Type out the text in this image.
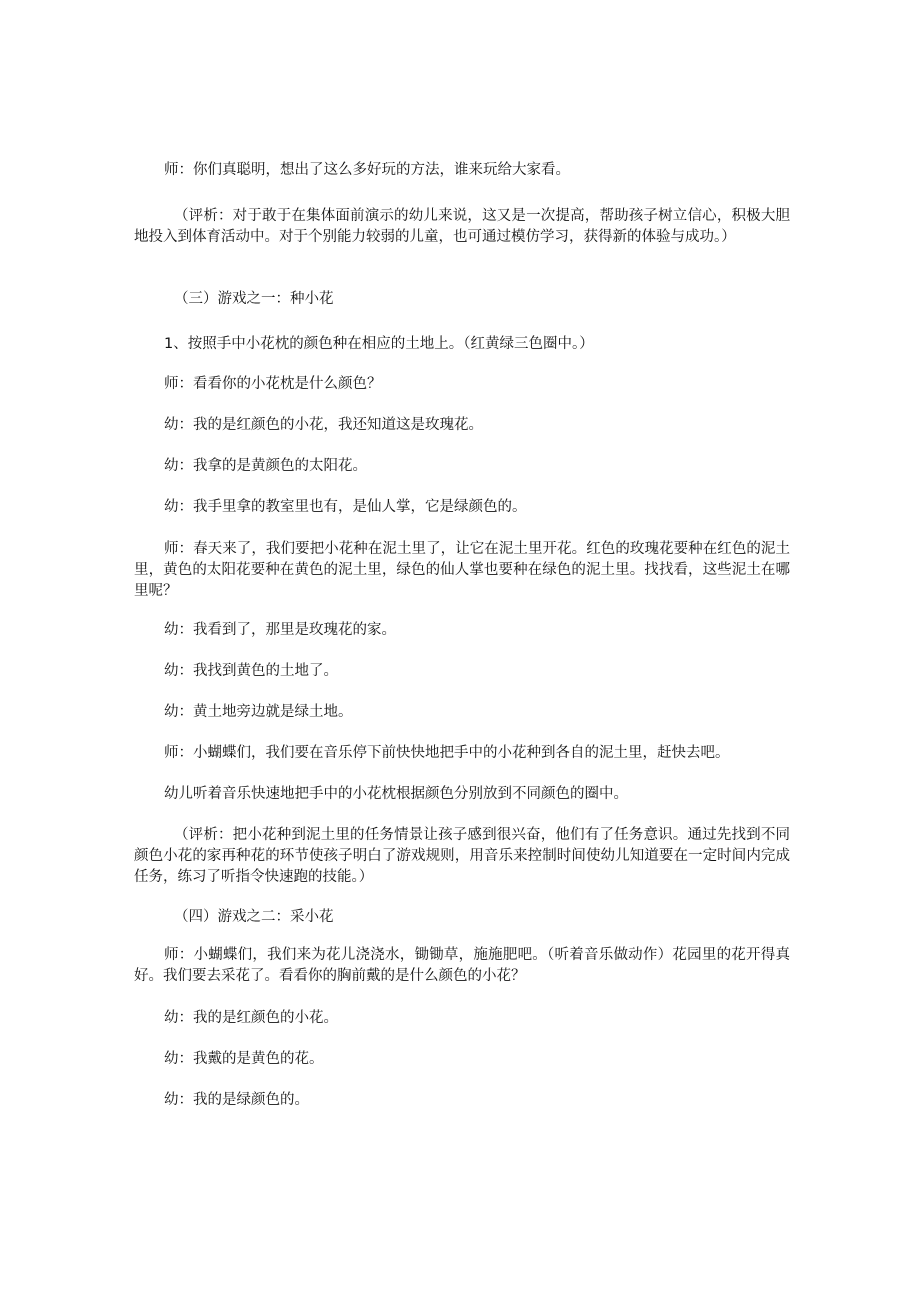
师：你们真聪明，想出了这么多好玩的方法，谁来玩给大家看。

（评析：对于敢于在集体面前演示的幼儿来说，这又是一次提高，帮助孩子树立信心，积极大胆地投入到体育活动中。对于个别能力较弱的儿童，也可通过模仿学习，获得新的体验与成功。）

（三）游戏之一：种小花

1、按照手中小花枕的颜色种在相应的土地上。（红黄绿三色圈中。）

师：看看你的小花枕是什么颜色？

幼：我的是红颜色的小花，我还知道这是玫瑰花。

幼：我拿的是黄颜色的太阳花。

幼：我手里拿的教室里也有，是仙人掌，它是绿颜色的。

师：春天来了，我们要把小花种在泥土里了，让它在泥土里开花。红色的玫瑰花要种在红色的泥土里，黄色的太阳花要种在黄色的泥土里，绿色的仙人掌也要种在绿色的泥土里。找找看，这些泥土在哪里呢？

幼：我看到了，那里是玫瑰花的家。

幼：我找到黄色的土地了。

幼：黄土地旁边就是绿土地。

师：小蝴蝶们，我们要在音乐停下前快快地把手中的小花种到各自的泥土里，赶快去吧。

幼儿听着音乐快速地把手中的小花枕根据颜色分别放到不同颜色的圈中。

（评析：把小花种到泥土里的任务情景让孩子感到很兴奋，他们有了任务意识。通过先找到不同颜色小花的家再种花的环节使孩子明白了游戏规则，用音乐来控制时间使幼儿知道要在一定时间内完成任务，练习了听指令快速跑的技能。）

（四）游戏之二：采小花

师：小蝴蝶们，我们来为花儿浇浇水，锄锄草，施施肥吧。（听着音乐做动作）花园里的花开得真好。我们要去采花了。看看你的胸前戴的是什么颜色的小花？

幼：我的是红颜色的小花。

幼：我戴的是黄色的花。

幼：我的是绿颜色的。
